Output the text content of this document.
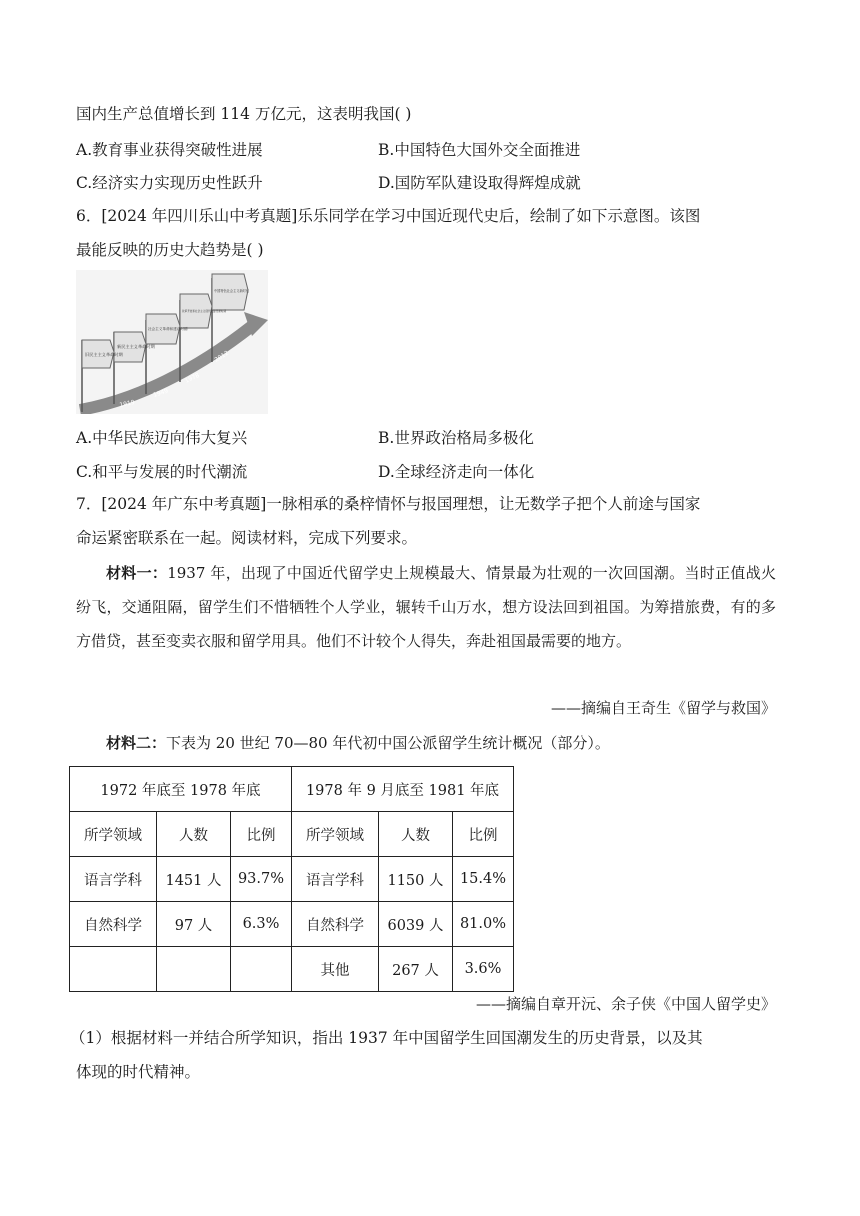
国内生产总值增长到 114 万亿元，这表明我国( )
A.教育事业获得突破性进展	B.中国特色大国外交全面推进
C.经济实力实现历史性跃升	D.国防军队建设取得辉煌成就
6．[2024 年四川乐山中考真题]乐乐同学在学习中国近现代史后，绘制了如下示意图。该图
最能反映的历史大趋势是( )
旧民主主义革命时期
新民主主义革命时期
社会主义革命和建设时期
改革开放和社会主义现代化建设新时期
中国特色社会主义新时代
1919
1949
1978
2012
A.中华民族迈向伟大复兴	B.世界政治格局多极化
C.和平与发展的时代潮流	D.全球经济走向一体化
7．[2024 年广东中考真题]一脉相承的桑梓情怀与报国理想，让无数学子把个人前途与国家
命运紧密联系在一起。阅读材料，完成下列要求。
材料一：1937 年，出现了中国近代留学史上规模最大、情景最为壮观的一次回国潮。当时正值战火纷飞，交通阻隔，留学生们不惜牺牲个人学业，辗转千山万水，想方设法回到祖国。为筹措旅费，有的多方借贷，甚至变卖衣服和留学用具。他们不计较个人得失，奔赴祖国最需要的地方。
——摘编自王奇生《留学与救国》
材料二：下表为 20 世纪 70—80 年代初中国公派留学生统计概况（部分）。
1972 年底至 1978 年底			1978 年 9 月底至 1981 年底		
所学领域	人数	比例	所学领域	人数	比例
语言学科	1451 人	93.7%	语言学科	1150 人	15.4%
自然科学	97 人	6.3%	自然科学	6039 人	81.0%
			其他	267 人	3.6%
——摘编自章开沅、余子侠《中国人留学史》
（1）根据材料一并结合所学知识，指出 1937 年中国留学生回国潮发生的历史背景，以及其
体现的时代精神。
